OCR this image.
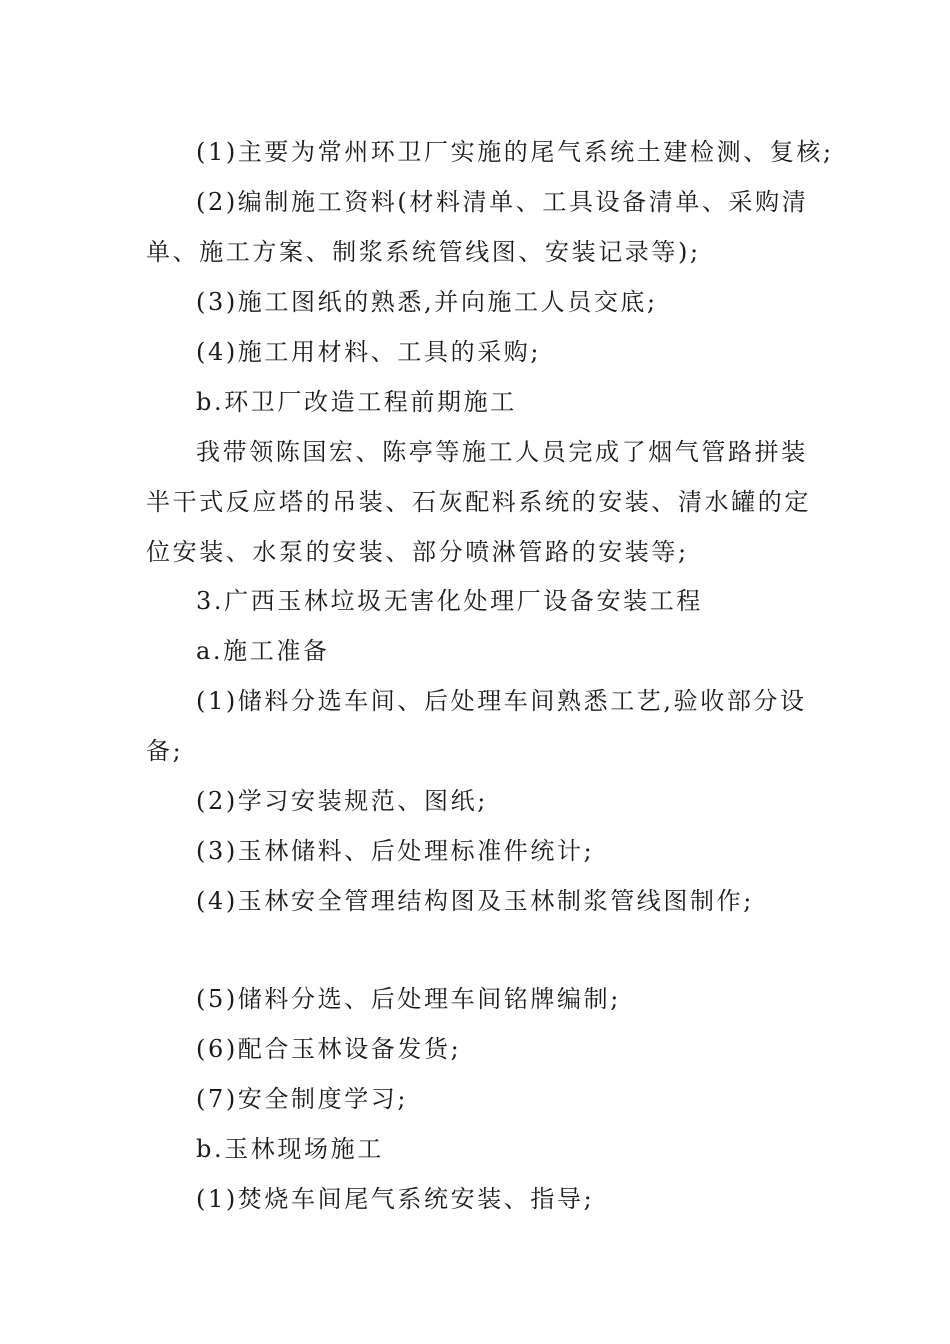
(1)主要为常州环卫厂实施的尾气系统土建检测、复核;
(2)编制施工资料(材料清单、工具设备清单、采购清
单、施工方案、制浆系统管线图、安装记录等);
(3)施工图纸的熟悉,并向施工人员交底;
(4)施工用材料、工具的采购;
b.环卫厂改造工程前期施工
我带领陈国宏、陈亭等施工人员完成了烟气管路拼装
半干式反应塔的吊装、石灰配料系统的安装、清水罐的定
位安装、水泵的安装、部分喷淋管路的安装等;
3.广西玉林垃圾无害化处理厂设备安装工程
a.施工准备
(1)储料分选车间、后处理车间熟悉工艺,验收部分设
备;
(2)学习安装规范、图纸;
(3)玉林储料、后处理标准件统计;
(4)玉林安全管理结构图及玉林制浆管线图制作;
(5)储料分选、后处理车间铭牌编制;
(6)配合玉林设备发货;
(7)安全制度学习;
b.玉林现场施工
(1)焚烧车间尾气系统安装、指导;
